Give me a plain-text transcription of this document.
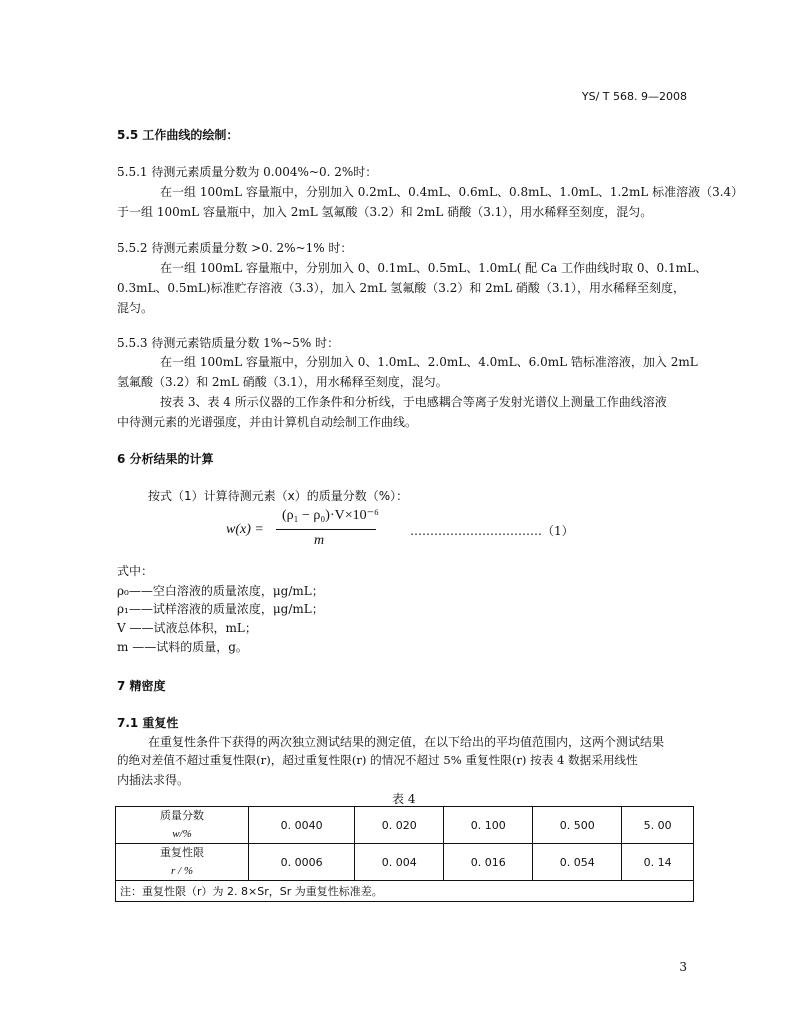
YS/ T 568. 9—2008
5.5 工作曲线的绘制：
5.5.1 待测元素质量分数为 0.004%~0. 2%时：
在一组 100mL 容量瓶中，分别加入 0.2mL、0.4mL、0.6mL、0.8mL、1.0mL、1.2mL 标准溶液（3.4）
于一组 100mL 容量瓶中，加入 2mL 氢氟酸（3.2）和 2mL 硝酸（3.1），用水稀释至刻度，混匀。
5.5.2 待测元素质量分数 >0. 2%~1% 时：
在一组 100mL 容量瓶中，分别加入 0、0.1mL、0.5mL、1.0mL( 配 Ca 工作曲线时取 0、0.1mL、
0.3mL、0.5mL)标准贮存溶液（3.3），加入 2mL 氢氟酸（3.2）和 2mL 硝酸（3.1），用水稀释至刻度，
混匀。
5.5.3 待测元素锆质量分数 1%~5% 时：
在一组 100mL 容量瓶中，分别加入 0、1.0mL、2.0mL、4.0mL、6.0mL 锆标准溶液，加入 2mL
氢氟酸（3.2）和 2mL 硝酸（3.1），用水稀释至刻度，混匀。
按表 3、表 4 所示仪器的工作条件和分析线，于电感耦合等离子发射光谱仪上测量工作曲线溶液
中待测元素的光谱强度，并由计算机自动绘制工作曲线。
6 分析结果的计算
按式（1）计算待测元素（x）的质量分数（%）：
w(x) =
(ρ₁ − ρ₀)·V×10⁻⁶
m
……………………………（1）
式中：
ρ₀——空白溶液的质量浓度，μg/mL；
ρ₁——试样溶液的质量浓度，μg/mL；
V ——试液总体积，mL；
m ——试料的质量，g。
7 精密度
7.1 重复性
在重复性条件下获得的两次独立测试结果的测定值，在以下给出的平均值范围内，这两个测试结果
的绝对差值不超过重复性限(r)，超过重复性限(r) 的情况不超过 5% 重复性限(r) 按表 4 数据采用线性
内插法求得。
表 4
质量分数
w/%	0. 0040	0. 020	0. 100	0. 500	5. 00

重复性限
r / %	0. 0006	0. 004	0. 016	0. 054	0. 14
注：重复性限（r）为 2. 8×Sr，Sr 为重复性标准差。					
3
